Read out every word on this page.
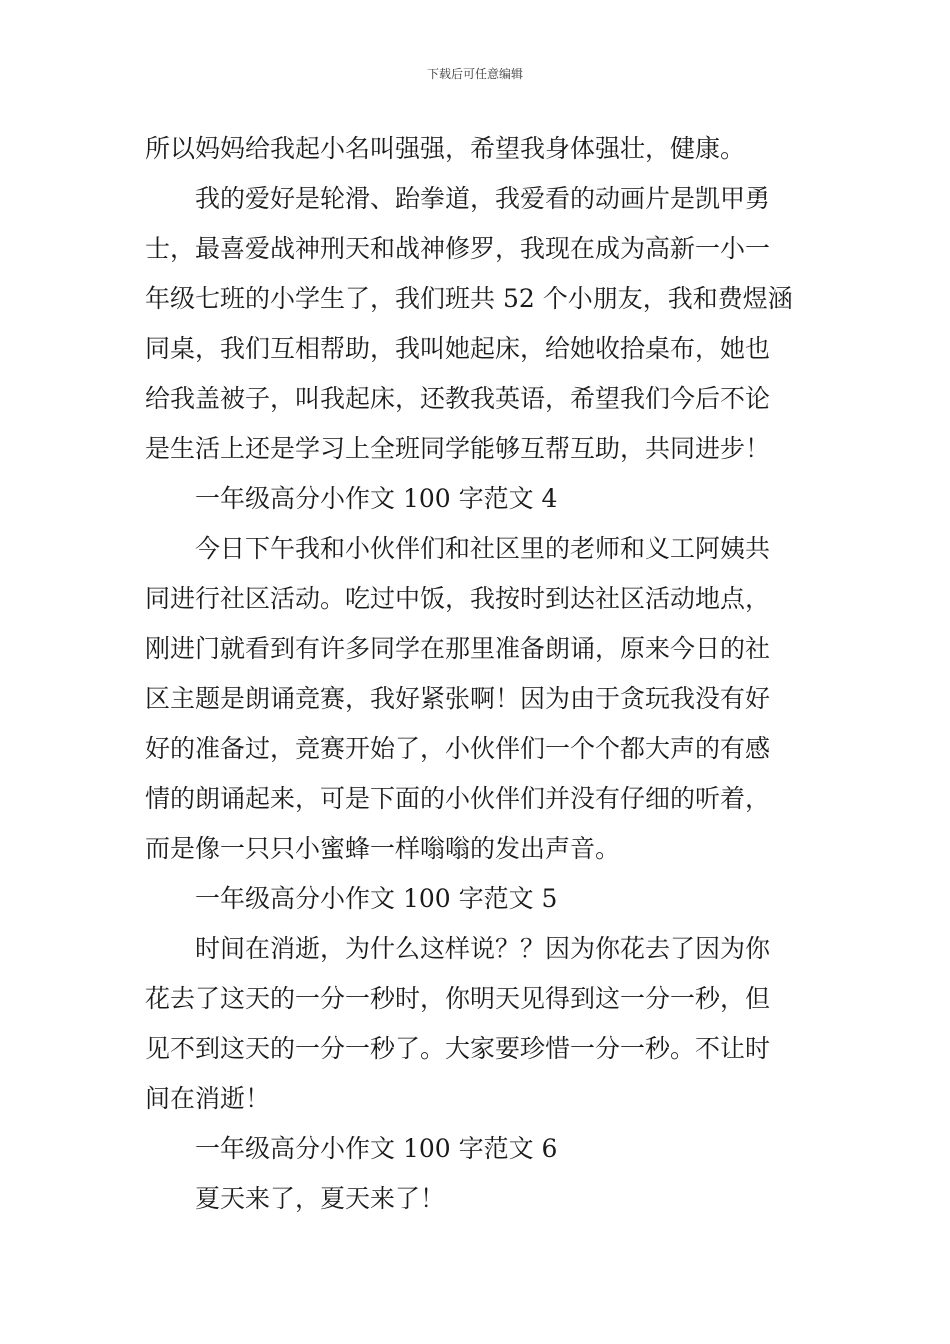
下载后可任意编辑
所以妈妈给我起小名叫强强，希望我身体强壮，健康。
我的爱好是轮滑、跆拳道，我爱看的动画片是凯甲勇
士，最喜爱战神刑天和战神修罗，我现在成为高新一小一
年级七班的小学生了，我们班共 52 个小朋友，我和费煜涵
同桌，我们互相帮助，我叫她起床，给她收拾桌布，她也
给我盖被子，叫我起床，还教我英语，希望我们今后不论
是生活上还是学习上全班同学能够互帮互助，共同进步！
一年级高分小作文 100 字范文 4
今日下午我和小伙伴们和社区里的老师和义工阿姨共
同进行社区活动。吃过中饭，我按时到达社区活动地点，
刚进门就看到有许多同学在那里准备朗诵，原来今日的社
区主题是朗诵竞赛，我好紧张啊！因为由于贪玩我没有好
好的准备过，竞赛开始了，小伙伴们一个个都大声的有感
情的朗诵起来，可是下面的小伙伴们并没有仔细的听着，
而是像一只只小蜜蜂一样嗡嗡的发出声音。
一年级高分小作文 100 字范文 5
时间在消逝，为什么这样说？？因为你花去了因为你
花去了这天的一分一秒时，你明天见得到这一分一秒，但
见不到这天的一分一秒了。大家要珍惜一分一秒。不让时
间在消逝！
一年级高分小作文 100 字范文 6
夏天来了，夏天来了！
